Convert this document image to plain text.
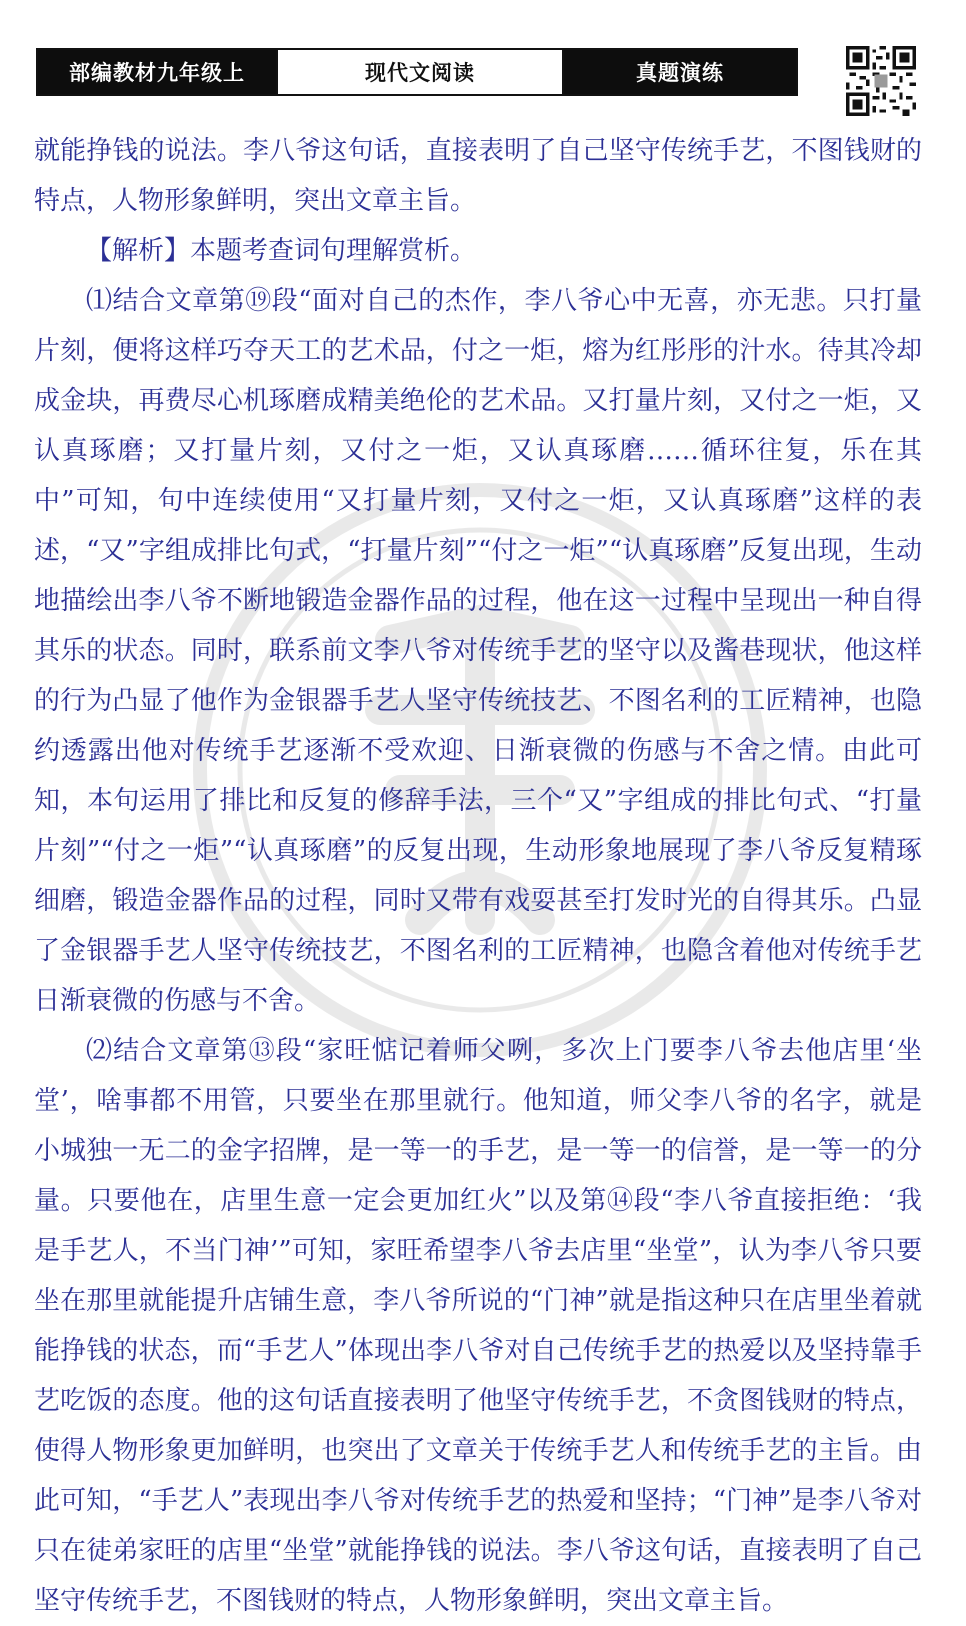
部编教材九年级上	现代文阅读	真题演练

就能挣钱的说法。李八爷这句话，直接表明了自己坚守传统手艺，不图钱财的特点，人物形象鲜明，突出文章主旨。

【解析】本题考查词句理解赏析。

⑴结合文章第⑲段“面对自己的杰作，李八爷心中无喜，亦无悲。只打量片刻，便将这样巧夺天工的艺术品，付之一炬，熔为红彤彤的汁水。待其冷却成金块，再费尽心机琢磨成精美绝伦的艺术品。又打量片刻，又付之一炬，又认真琢磨；又打量片刻，又付之一炬，又认真琢磨……循环往复，乐在其中”可知，句中连续使用“又打量片刻，又付之一炬，又认真琢磨”这样的表述，“又”字组成排比句式，“打量片刻”“付之一炬”“认真琢磨”反复出现，生动地描绘出李八爷不断地锻造金器作品的过程，他在这一过程中呈现出一种自得其乐的状态。同时，联系前文李八爷对传统手艺的坚守以及酱巷现状，他这样的行为凸显了他作为金银器手艺人坚守传统技艺、不图名利的工匠精神，也隐约透露出他对传统手艺逐渐不受欢迎、日渐衰微的伤感与不舍之情。由此可知，本句运用了排比和反复的修辞手法，三个“又”字组成的排比句式、“打量片刻”“付之一炬”“认真琢磨”的反复出现，生动形象地展现了李八爷反复精琢细磨，锻造金器作品的过程，同时又带有戏耍甚至打发时光的自得其乐。凸显了金银器手艺人坚守传统技艺，不图名利的工匠精神，也隐含着他对传统手艺日渐衰微的伤感与不舍。

⑵结合文章第⑬段“家旺惦记着师父咧，多次上门要李八爷去他店里‘坐堂’，啥事都不用管，只要坐在那里就行。他知道，师父李八爷的名字，就是小城独一无二的金字招牌，是一等一的手艺，是一等一的信誉，是一等一的分量。只要他在，店里生意一定会更加红火”以及第⑭段“李八爷直接拒绝：‘我是手艺人，不当门神’”可知，家旺希望李八爷去店里“坐堂”，认为李八爷只要坐在那里就能提升店铺生意，李八爷所说的“门神”就是指这种只在店里坐着就能挣钱的状态，而“手艺人”体现出李八爷对自己传统手艺的热爱以及坚持靠手艺吃饭的态度。他的这句话直接表明了他坚守传统手艺，不贪图钱财的特点，使得人物形象更加鲜明，也突出了文章关于传统手艺人和传统手艺的主旨。由此可知，“手艺人”表现出李八爷对传统手艺的热爱和坚持；“门神”是李八爷对只在徒弟家旺的店里“坐堂”就能挣钱的说法。李八爷这句话，直接表明了自己坚守传统手艺，不图钱财的特点，人物形象鲜明，突出文章主旨。
